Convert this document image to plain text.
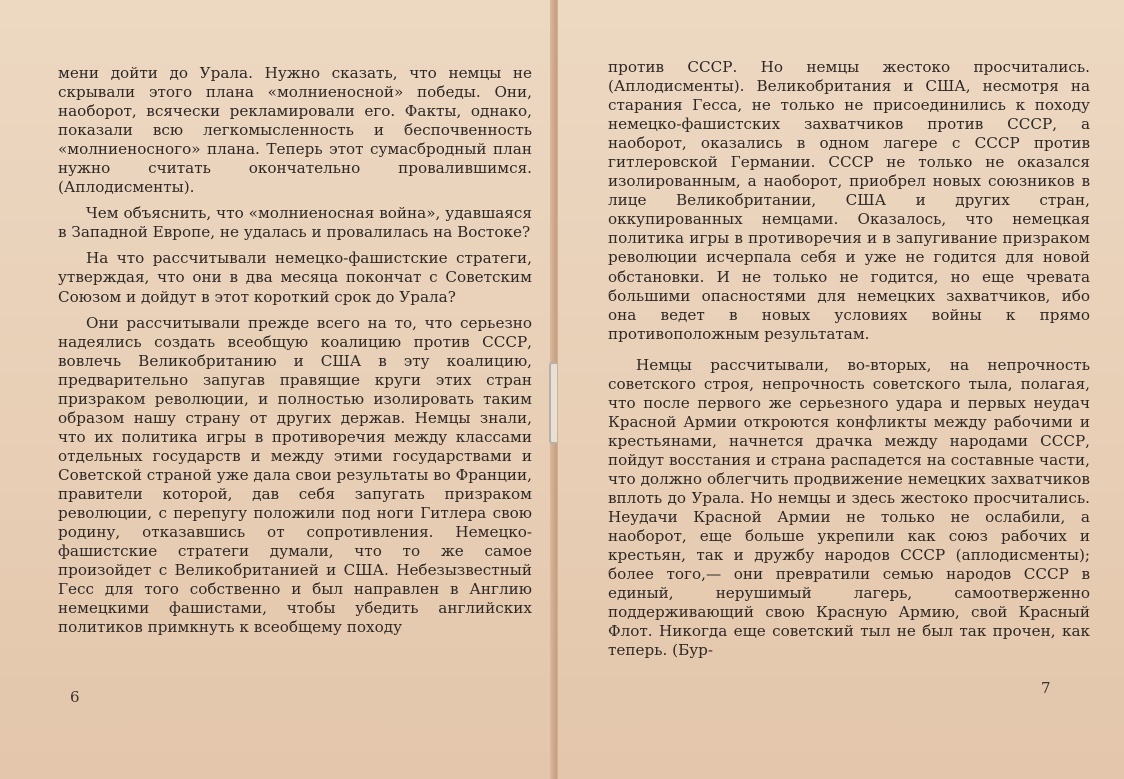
мени дойти до Урала. Нужно сказать, что немцы не скрывали этого плана «молниеносной» победы. Они, наоборот, всячески рекламировали его. Факты, однако, показали всю легкомысленность и беспочвенность «молниеносного» плана. Теперь этот сумасбродный план нужно считать окончательно провалившимся. (Аплодисменты).

Чем объяснить, что «молниеносная война», удавшаяся в Западной Европе, не удалась и провалилась на Востоке?

На что рассчитывали немецко-фашистские стратеги, утверждая, что они в два месяца покончат с Советским Союзом и дойдут в этот короткий срок до Урала?

Они рассчитывали прежде всего на то, что серьезно надеялись создать всеобщую коалицию против СССР, вовлечь Великобританию и США в эту коалицию, предварительно запугав правящие круги этих стран призраком революции, и полностью изолировать таким образом нашу страну от других держав. Немцы знали, что их политика игры в противоречия между классами отдельных государств и между этими государствами и Советской страной уже дала свои результаты во Франции, правители которой, дав себя запугать призраком революции, с перепугу положили под ноги Гитлера свою родину, отказавшись от сопротивления. Немецко-фашистские стратеги думали, что то же самое произойдет с Великобританией и США. Небезызвестный Гесс для того собственно и был направлен в Англию немецкими фашистами, чтобы убедить английских политиков примкнуть к всеобщему походу

6

против СССР. Но немцы жестоко просчитались. (Аплодисменты). Великобритания и США, несмотря на старания Гесса, не только не присоединились к походу немецко-фашистских захватчиков против СССР, а наоборот, оказались в одном лагере с СССР против гитлеровской Германии. СССР не только не оказался изолированным, а наоборот, приобрел новых союзников в лице Великобритании, США и других стран, оккупированных немцами. Оказалось, что немецкая политика игры в противоречия и в запугивание призраком революции исчерпала себя и уже не годится для новой обстановки. И не только не годится, но еще чревата большими опасностями для немецких захватчиков, ибо она ведет в новых условиях войны к прямо противоположным результатам.

Немцы рассчитывали, во-вторых, на непрочность советского строя, непрочность советского тыла, полагая, что после первого же серьезного удара и первых неудач Красной Армии откроются конфликты между рабочими и крестьянами, начнется драчка между народами СССР, пойдут восстания и страна распадется на составные части, что должно облегчить продвижение немецких захватчиков вплоть до Урала. Но немцы и здесь жестоко просчитались. Неудачи Красной Армии не только не ослабили, а наоборот, еще больше укрепили как союз рабочих и крестьян, так и дружбу народов СССР (аплодисменты); более того,— они превратили семью народов СССР в единый, нерушимый лагерь, самоотверженно поддерживающий свою Красную Армию, свой Красный Флот. Никогда еще советский тыл не был так прочен, как теперь. (Бур-

7
